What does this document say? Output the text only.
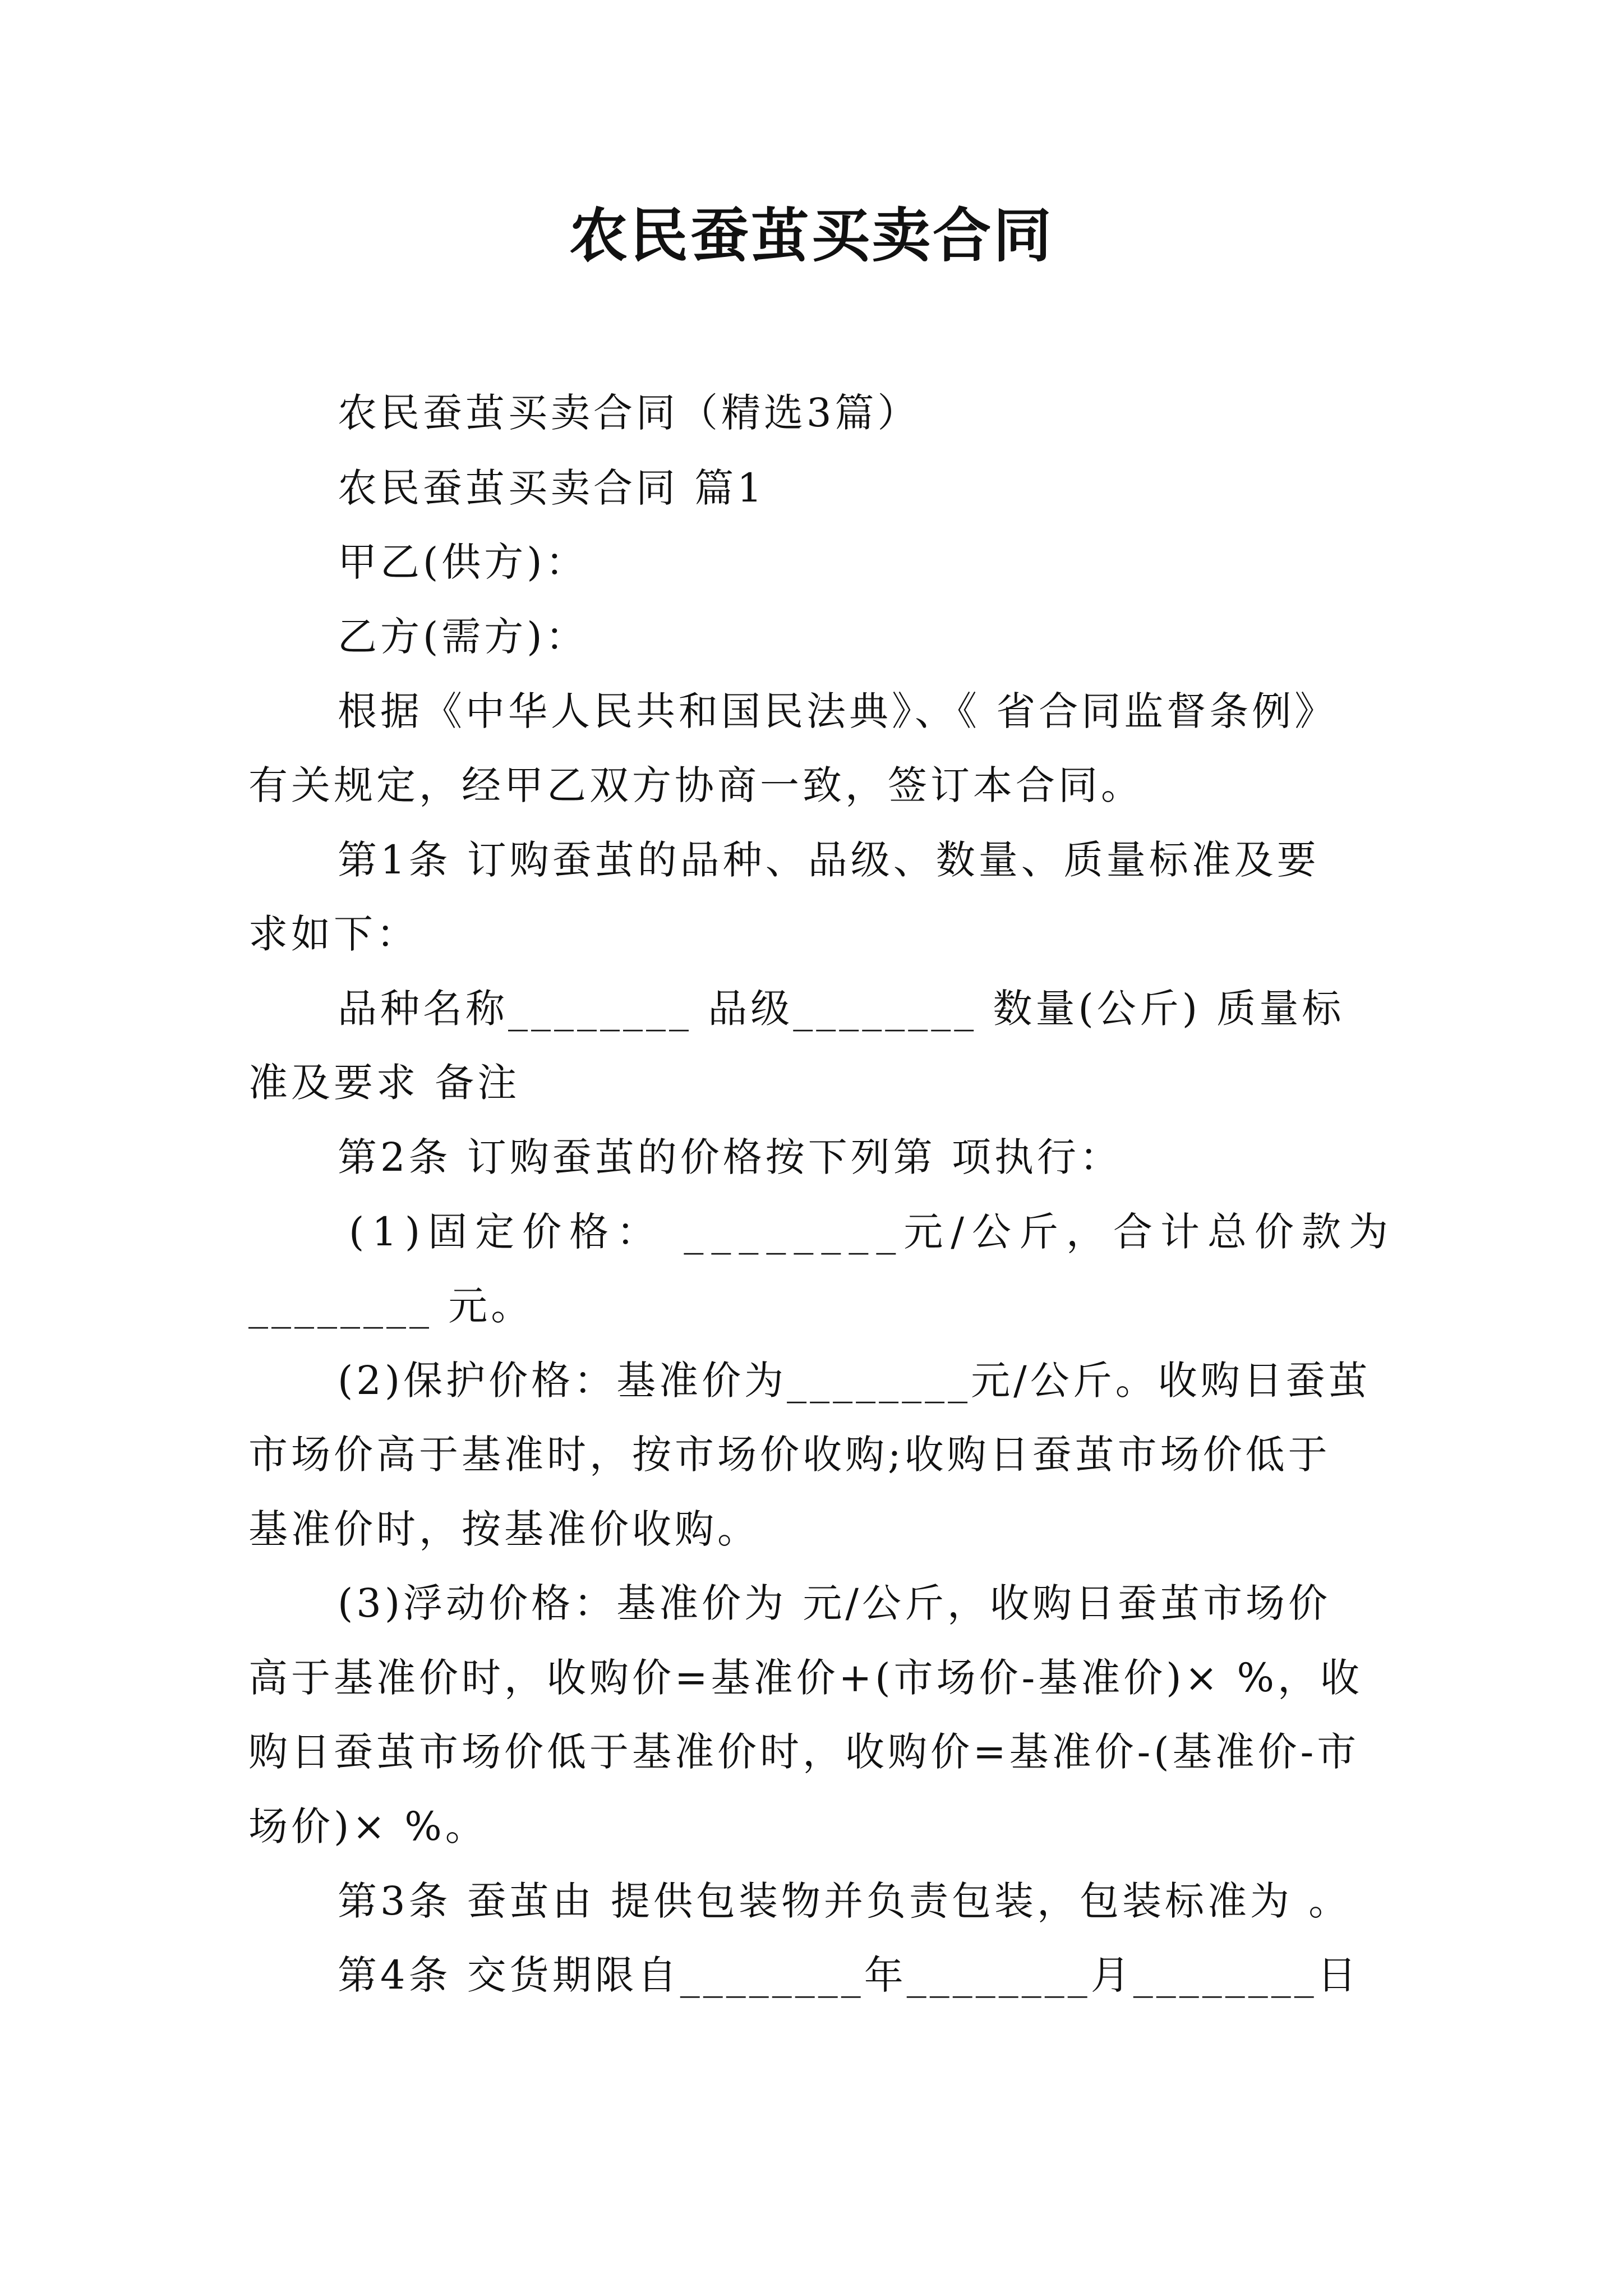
农民蚕茧买卖合同
农民蚕茧买卖合同（精选3篇）
农民蚕茧买卖合同 篇1
甲乙(供方)：
乙方(需方)：
根据《中华人民共和国民法典》、《 省合同监督条例》
有关规定，经甲乙双方协商一致，签订本合同。
第1条 订购蚕茧的品种、品级、数量、质量标准及要
求如下：
品种名称________ 品级________ 数量(公斤) 质量标
准及要求 备注
第2条 订购蚕茧的价格按下列第 项执行：
(1)固定价格： ________元/公斤，合计总价款为
________ 元。
(2)保护价格：基准价为________元/公斤。收购日蚕茧
市场价高于基准时，按市场价收购;收购日蚕茧市场价低于
基准价时，按基准价收购。
(3)浮动价格：基准价为 元/公斤，收购日蚕茧市场价
高于基准价时，收购价=基准价+(市场价-基准价)× %，收
购日蚕茧市场价低于基准价时，收购价=基准价-(基准价-市
场价)× %。
第3条 蚕茧由 提供包装物并负责包装，包装标准为 。
第4条 交货期限自________年________月________日
